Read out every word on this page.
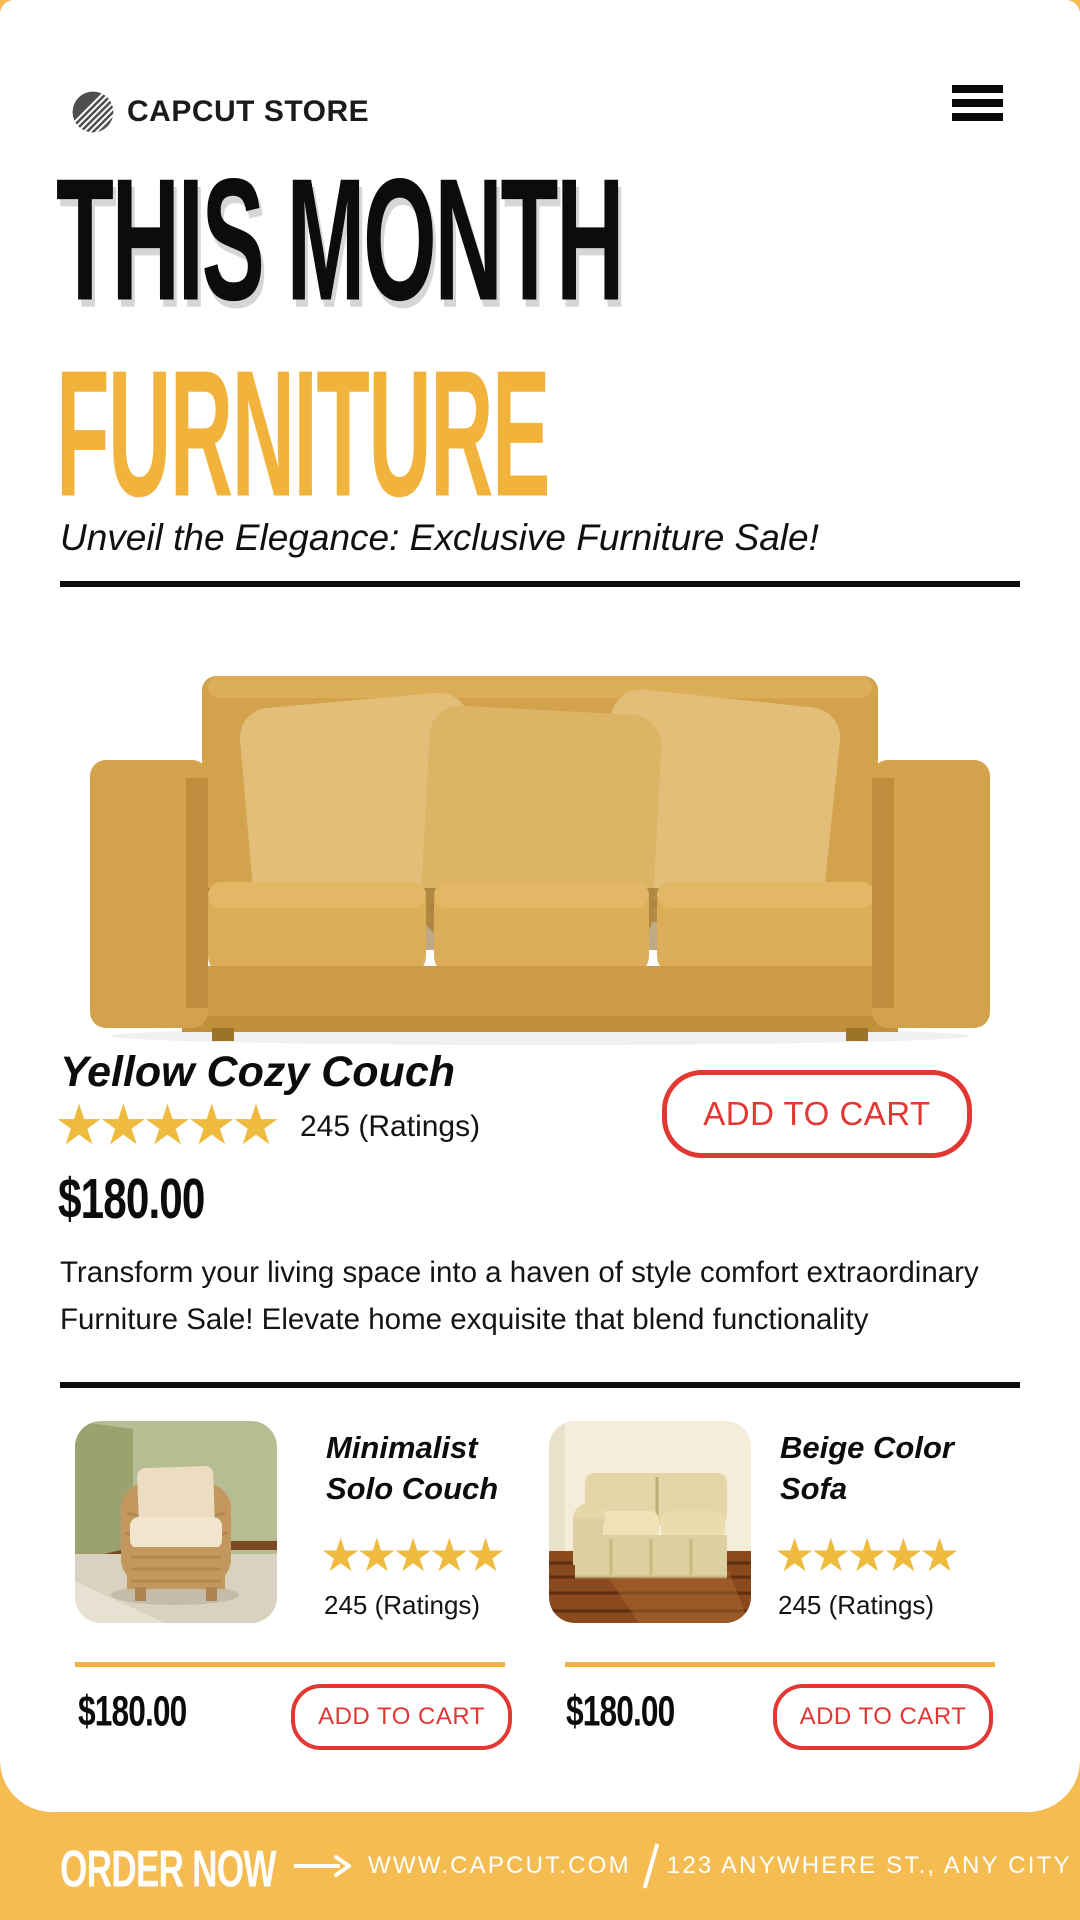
CAPCUT STORE
THIS MONTH
FURNITURE
Unveil the Elegance: Exclusive Furniture Sale!
Yellow Cozy Couch
★★★★★ 245 (Ratings)	ADD TO CART
$180.00
Transform your living space into a haven of style comfort extraordinary
Furniture Sale! Elevate home exquisite that blend functionality
Minimalist
Solo Couch
★★★★★
245 (Ratings)
$180.00	ADD TO CART
Beige Color
Sofa
★★★★★
245 (Ratings)
$180.00	ADD TO CART
ORDER NOW	WWW.CAPCUT.COM 123 ANYWHERE ST., ANY CITY
